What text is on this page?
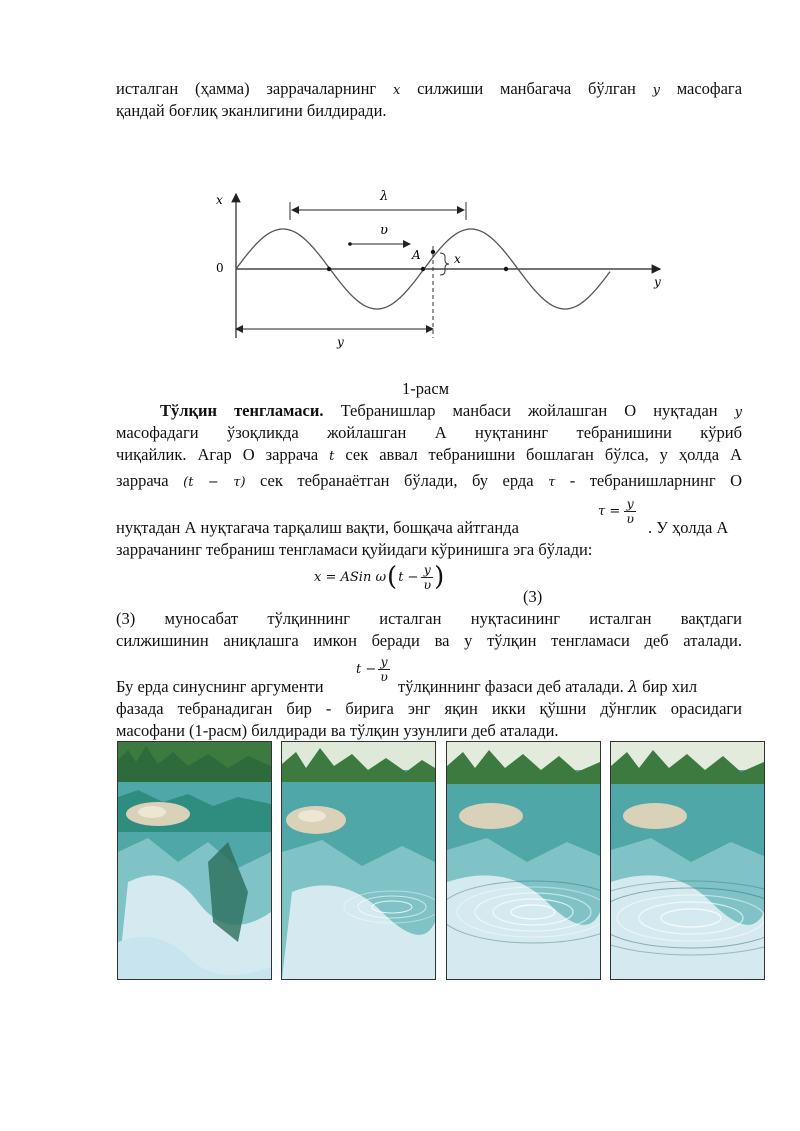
исталган (ҳамма) заррачаларнинг x силжиши манбагача бўлган y масофага
қандай боғлиқ эканлигини билдиради.
x
0
y
λ
υ
A	x
y
1-расм
Тўлқин тенгламаси. Тебранишлар манбаси жойлашган О нуқтадан y
масофадаги ўзоқликда жойлашган А нуқтанинг тебранишини кўриб
чиқайлик. Агар О заррача t сек аввал тебранишни бошлаган бўлса, у ҳолда А
заррача (t − τ) сек тебранаётган бўлади, бу ерда τ - тебранишларнинг О
$\tau = \frac{y}{\upsilon}$
нуқтадан А нуқтагача тарқалиш вақти, бошқача айтганда	. У ҳолда А
заррачанинг тебраниш тенгламаси қуйидаги кўринишга эга бўлади:
x = ASin ω ( $t - \frac{y}{\upsilon}$ )
(3)
(3) муносабат тўлқиннинг исталган нуқтасининг исталган вақтдаги
силжишинин аниқлашга имкон беради ва у тўлқин тенгламаси деб аталади.
$t - \frac{y}{\upsilon}$
Бу ерда синуснинг аргументи	тўлқиннинг фазаси деб аталади. λ бир хил
фазада тебранадиган бир - бирига энг яқин икки қўшни дўнглик орасидаги
масофани (1-расм) билдиради ва тўлқин узунлиги деб аталади.
